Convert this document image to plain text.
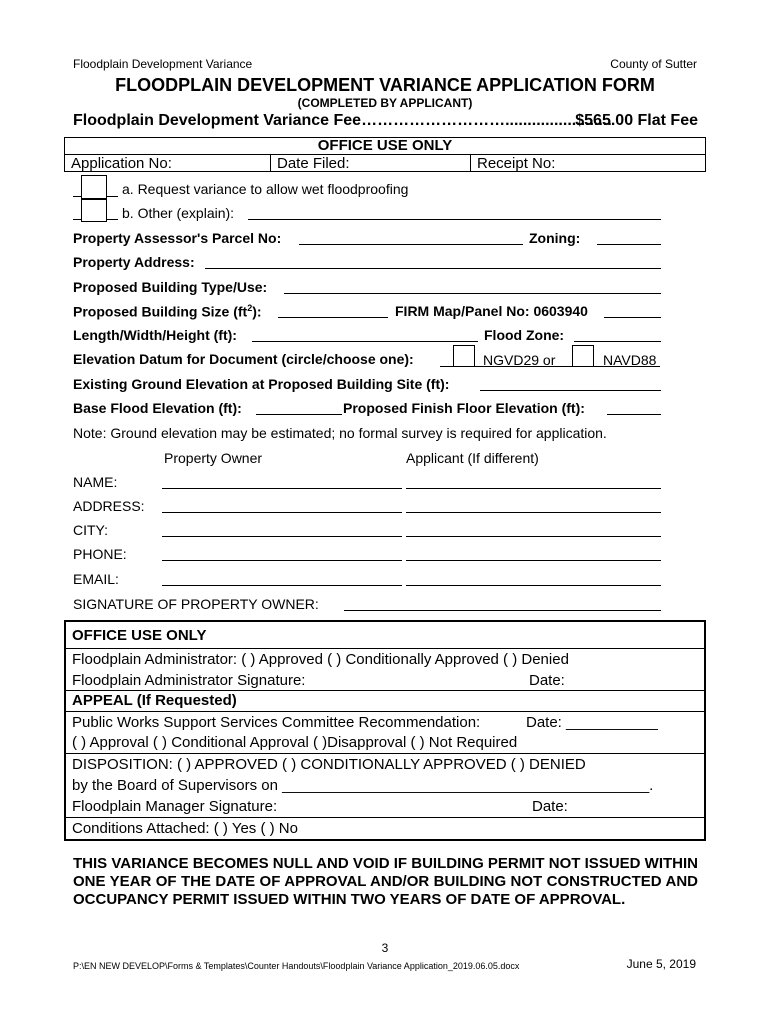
Floodplain Development Variance	County of Sutter
FLOODPLAIN DEVELOPMENT VARIANCE APPLICATION FORM
(COMPLETED BY APPLICANT)
Floodplain Development Variance Fee………………………........................
$565.00 Flat Fee
OFFICE USE ONLY
Application No:	Date Filed:	Receipt No:
a. Request variance to allow wet floodproofing
b. Other (explain):
Property Assessor's Parcel No:	Zoning:
Property Address:
Proposed Building Type/Use:
Proposed Building Size $(ft^2)$:	FIRM Map/Panel No: 0603940
Length/Width/Height (ft):	Flood Zone:
Elevation Datum for Document (circle/choose one):	NGVD29 or	NAVD88
Existing Ground Elevation at Proposed Building Site (ft):
Base Flood Elevation (ft):	Proposed Finish Floor Elevation (ft):
Note: Ground elevation may be estimated; no formal survey is required for application.
Property Owner	Applicant (If different)
NAME:
ADDRESS:
CITY:
PHONE:
EMAIL:
SIGNATURE OF PROPERTY OWNER:
OFFICE USE ONLY
Floodplain Administrator: ( ) Approved ( ) Conditionally Approved ( ) Denied
Floodplain Administrator Signature:	Date:
APPEAL (If Requested)
Public Works Support Services Committee Recommendation:	Date: ___________
( ) Approval ( ) Conditional Approval ( )Disapproval ( ) Not Required
DISPOSITION: ( ) APPROVED ( ) CONDITIONALLY APPROVED ( ) DENIED
by the Board of Supervisors on ____________________________________________.
Floodplain Manager Signature:	Date:
Conditions Attached: ( ) Yes ( ) No
THIS VARIANCE BECOMES NULL AND VOID IF BUILDING PERMIT NOT ISSUED WITHIN ONE YEAR OF THE DATE OF APPROVAL AND/OR BUILDING NOT CONSTRUCTED AND OCCUPANCY PERMIT ISSUED WITHIN TWO YEARS OF DATE OF APPROVAL.
3
P:\EN NEW DEVELOP\Forms & Templates\Counter Handouts\Floodplain Variance Application_2019.06.05.docx	June 5, 2019
